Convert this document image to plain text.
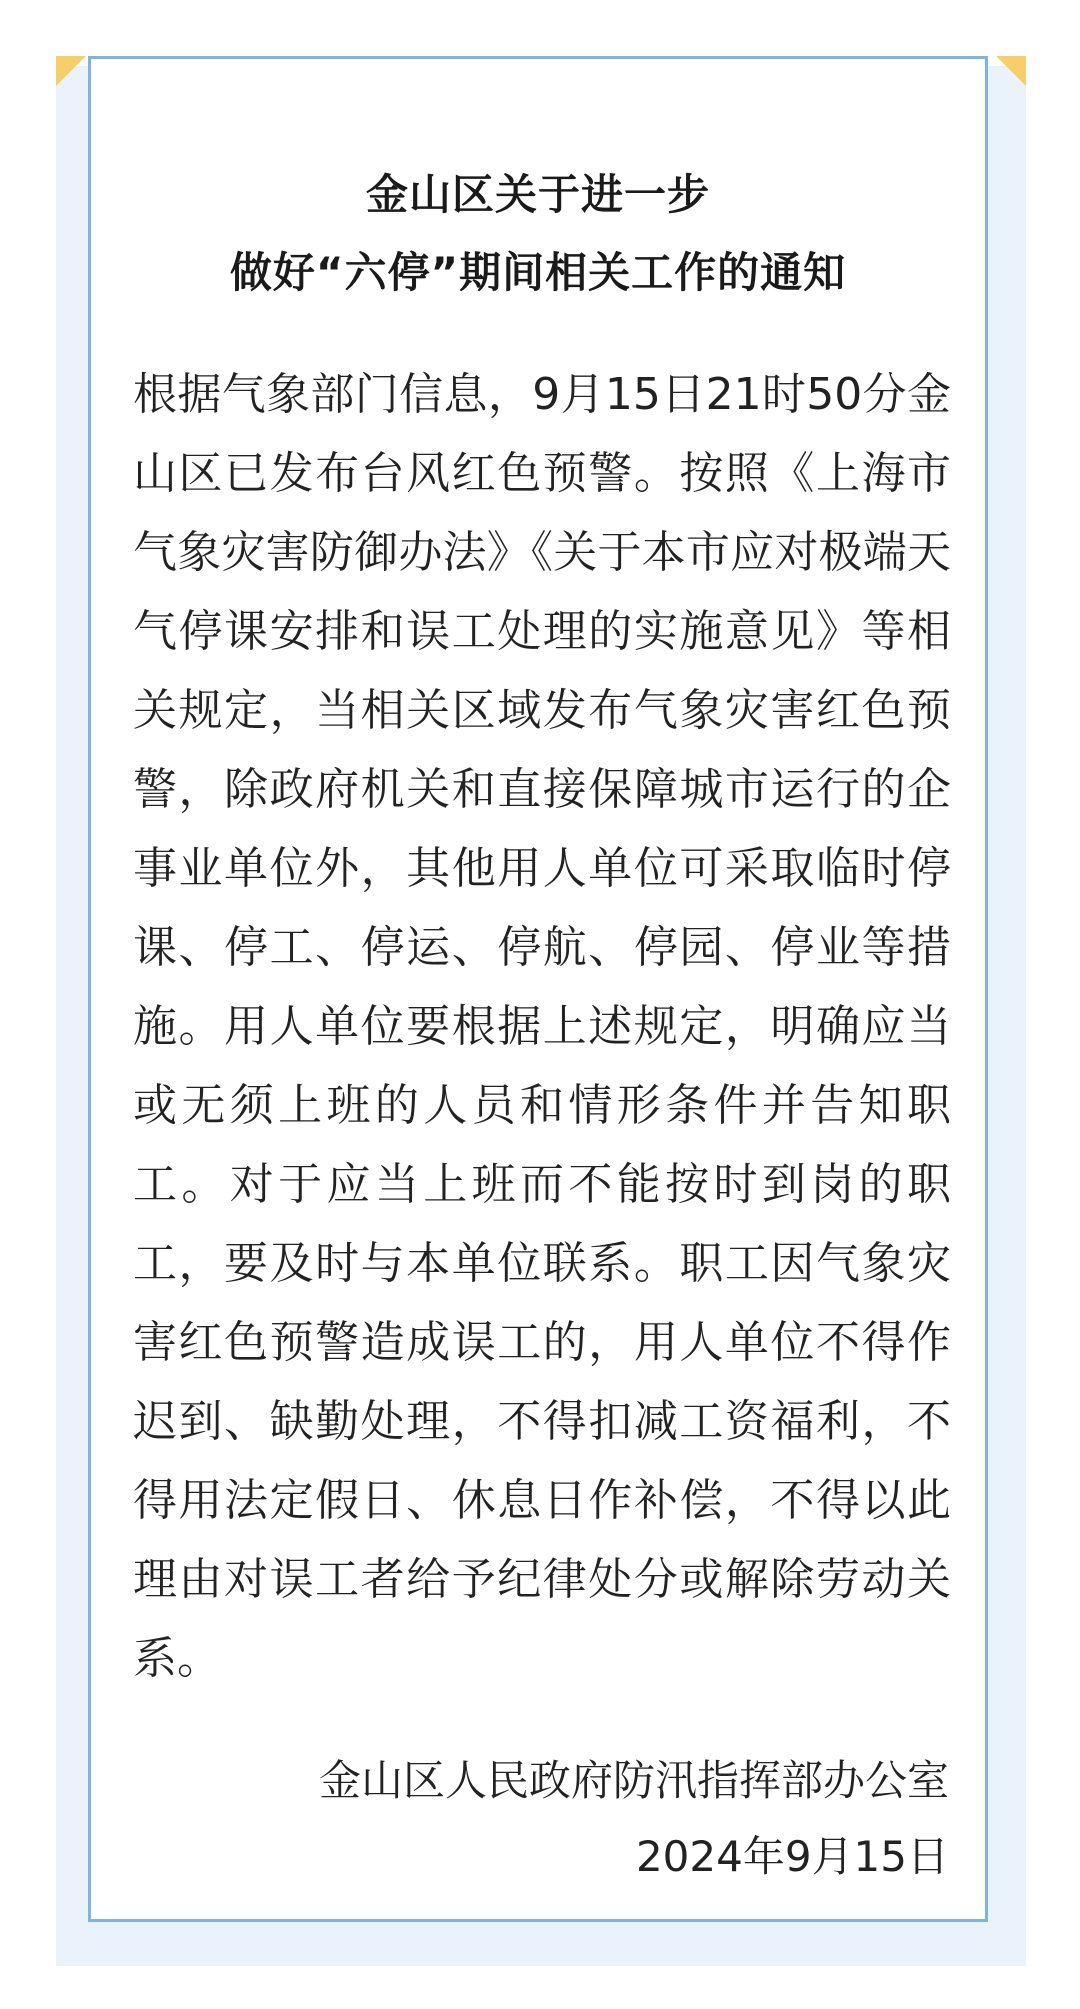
金山区关于进一步
做好“六停”期间相关工作的通知

根据气象部门信息，9月15日21时50分金山区已发布台风红色预警。按照《上海市气象灾害防御办法》《关于本市应对极端天气停课安排和误工处理的实施意见》等相关规定，当相关区域发布气象灾害红色预警，除政府机关和直接保障城市运行的企事业单位外，其他用人单位可采取临时停课、停工、停运、停航、停园、停业等措施。用人单位要根据上述规定，明确应当或无须上班的人员和情形条件并告知职工。对于应当上班而不能按时到岗的职工，要及时与本单位联系。职工因气象灾害红色预警造成误工的，用人单位不得作迟到、缺勤处理，不得扣减工资福利，不得用法定假日、休息日作补偿，不得以此理由对误工者给予纪律处分或解除劳动关系。

金山区人民政府防汛指挥部办公室
2024年9月15日
